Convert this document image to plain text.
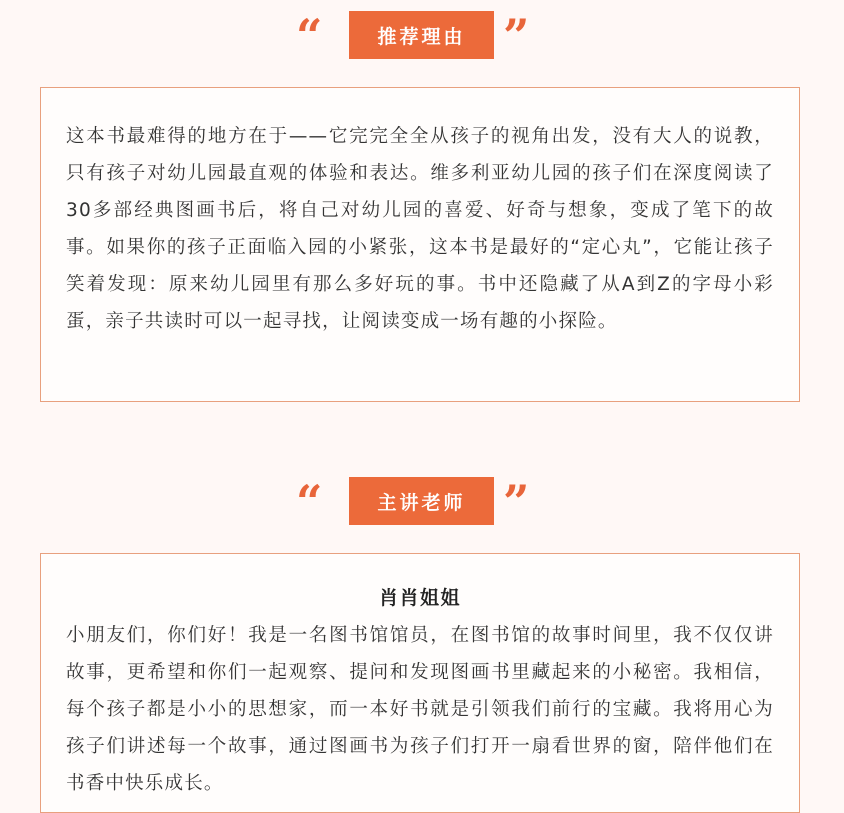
“	推荐理由 ”

这本书最难得的地方在于——它完完全全从孩子的视角出发，没有大人的说教，只有孩子对幼儿园最直观的体验和表达。维多利亚幼儿园的孩子们在深度阅读了30多部经典图画书后，将自己对幼儿园的喜爱、好奇与想象，变成了笔下的故事。如果你的孩子正面临入园的小紧张，这本书是最好的“定心丸”，它能让孩子笑着发现：原来幼儿园里有那么多好玩的事。书中还隐藏了从A到Z的字母小彩蛋，亲子共读时可以一起寻找，让阅读变成一场有趣的小探险。

“	主讲老师 ”
肖肖姐姐

小朋友们，你们好！我是一名图书馆馆员，在图书馆的故事时间里，我不仅仅讲故事，更希望和你们一起观察、提问和发现图画书里藏起来的小秘密。我相信，每个孩子都是小小的思想家，而一本好书就是引领我们前行的宝藏。我将用心为孩子们讲述每一个故事，通过图画书为孩子们打开一扇看世界的窗，陪伴他们在书香中快乐成长。
